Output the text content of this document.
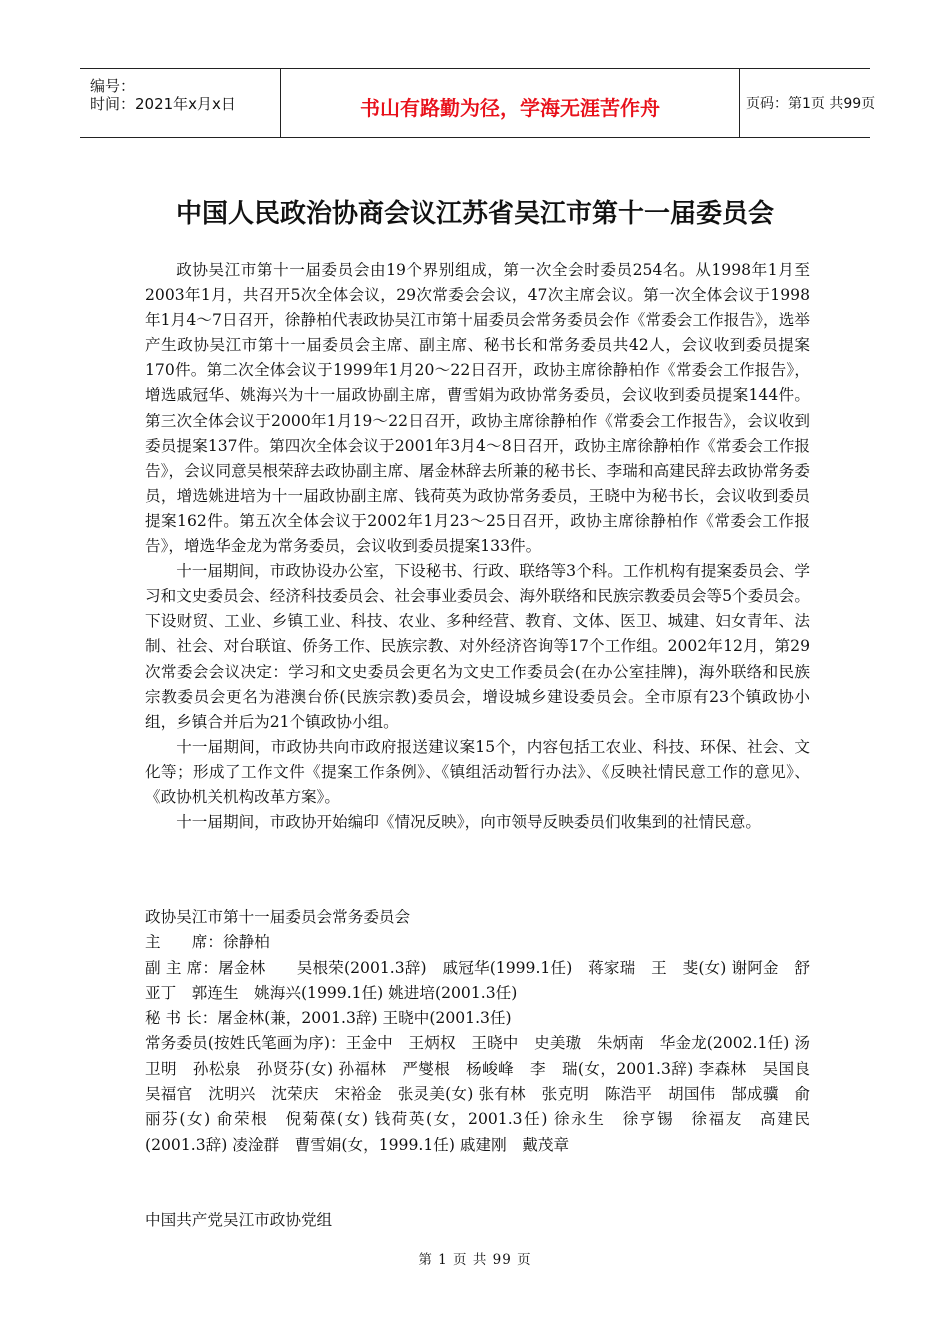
编号：
时间：2021年x月x日	书山有路勤为径，学海无涯苦作舟	页码：第1页 共99页
中国人民政治协商会议江苏省吴江市第十一届委员会

政协吴江市第十一届委员会由19个界别组成，第一次全会时委员254名。从1998年1月至2003年1月，共召开5次全体会议，29次常委会会议，47次主席会议。第一次全体会议于1998年1月4～7日召开，徐静柏代表政协吴江市第十届委员会常务委员会作《常委会工作报告》，选举产生政协吴江市第十一届委员会主席、副主席、秘书长和常务委员共42人，会议收到委员提案170件。第二次全体会议于1999年1月20～22日召开，政协主席徐静柏作《常委会工作报告》，增选戚冠华、姚海兴为十一届政协副主席，曹雪娟为政协常务委员，会议收到委员提案144件。第三次全体会议于2000年1月19～22日召开，政协主席徐静柏作《常委会工作报告》，会议收到委员提案137件。第四次全体会议于2001年3月4～8日召开，政协主席徐静柏作《常委会工作报告》，会议同意吴根荣辞去政协副主席、屠金林辞去所兼的秘书长、李瑞和高建民辞去政协常务委员，增选姚进培为十一届政协副主席、钱荷英为政协常务委员，王晓中为秘书长，会议收到委员提案162件。第五次全体会议于2002年1月23～25日召开，政协主席徐静柏作《常委会工作报告》，增选华金龙为常务委员，会议收到委员提案133件。

十一届期间，市政协设办公室，下设秘书、行政、联络等3个科。工作机构有提案委员会、学习和文史委员会、经济科技委员会、社会事业委员会、海外联络和民族宗教委员会等5个委员会。下设财贸、工业、乡镇工业、科技、农业、多种经营、教育、文体、医卫、城建、妇女青年、法制、社会、对台联谊、侨务工作、民族宗教、对外经济咨询等17个工作组。2002年12月，第29次常委会会议决定：学习和文史委员会更名为文史工作委员会(在办公室挂牌)，海外联络和民族宗教委员会更名为港澳台侨(民族宗教)委员会，增设城乡建设委员会。全市原有23个镇政协小组，乡镇合并后为21个镇政协小组。

十一届期间，市政协共向市政府报送建议案15个，内容包括工农业、科技、环保、社会、文化等；形成了工作文件《提案工作条例》、《镇组活动暂行办法》、《反映社情民意工作的意见》、《政协机关机构改革方案》。

十一届期间，市政协开始编印《情况反映》，向市领导反映委员们收集到的社情民意。

政协吴江市第十一届委员会常务委员会
主　　席：徐静柏
副 主 席：屠金林　　吴根荣(2001.3辞)　戚冠华(1999.1任)　蒋家瑞　王　斐(女) 谢阿金　舒亚丁　郭连生　姚海兴(1999.1任) 姚进培(2001.3任)
秘 书 长：屠金林(兼，2001.3辞) 王晓中(2001.3任)
常务委员(按姓氏笔画为序)：王金中　王炳权　王晓中　史美璈　朱炳南　华金龙(2002.1任) 汤卫明　孙松泉　孙贤芬(女) 孙福林　严燮根　杨峻峰　李　瑞(女，2001.3辞) 李森林　吴国良　吴福官　沈明兴　沈荣庆　宋裕金　张灵美(女) 张有林　张克明　陈浩平　胡国伟　郜成骥　俞丽芬(女) 俞荣根　倪菊葆(女) 钱荷英(女，2001.3任) 徐永生　徐亨锡　徐福友　高建民(2001.3辞) 凌淦群　曹雪娟(女，1999.1任) 戚建刚　戴茂章
中国共产党吴江市政协党组
第 1 页 共 99 页
